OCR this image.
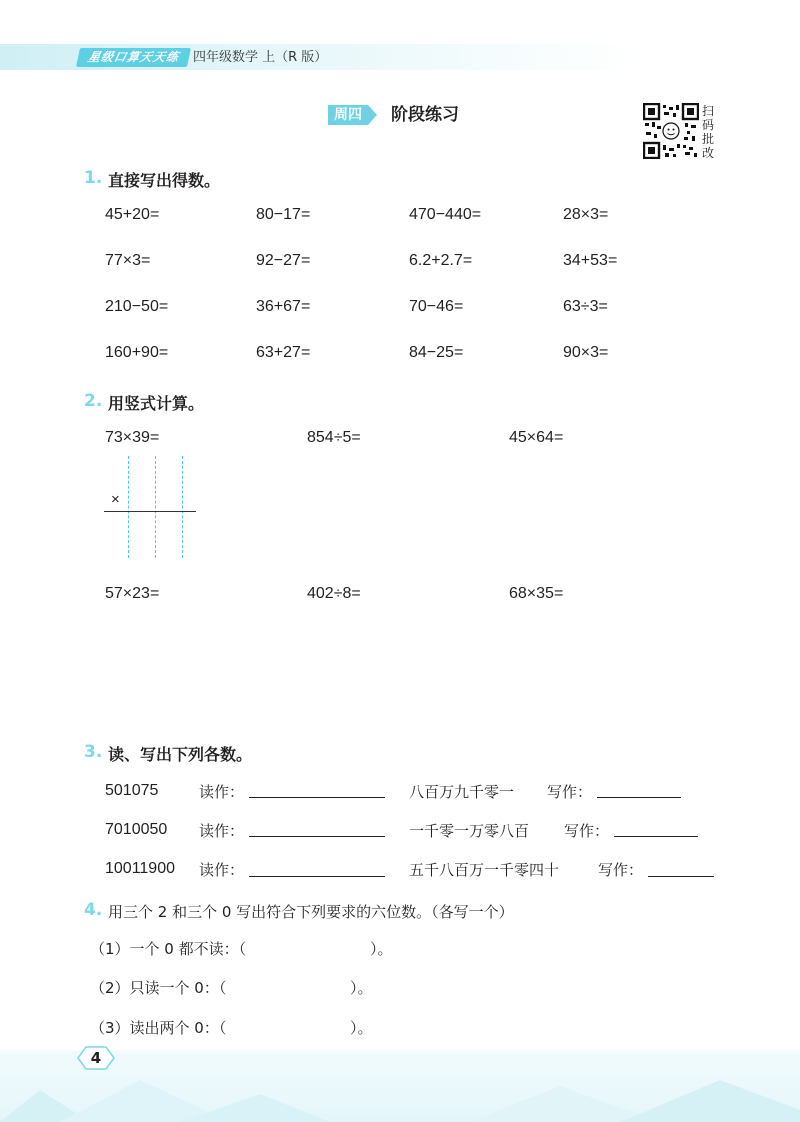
星级口算天天练 四年级数学 上（R 版）
周四	阶段练习	扫码批改
1. 直接写出得数。
45+20=	80−17=	470−440=	28×3=
77×3=	92−27=	6.2+2.7=	34+53=
210−50=	36+67=	70−46=	63÷3=
160+90=	63+27=	84−25=	90×3=
2. 用竖式计算。
73×39=	854÷5=	45×64=
×
57×23=	402÷8=	68×35=
3. 读、写出下列各数。
501075	读作：	八百万九千零一 写作：
7010050 读作：	一千零一万零八百 写作：
10011900 读作：	五千八百万一千零四十	写作：
4. 用三个 2 和三个 0 写出符合下列要求的六位数。（各写一个）
（1）一个 0 都不读：（	）。
（2）只读一个 0：（	）。
（3）读出两个 0：（	）。
4
